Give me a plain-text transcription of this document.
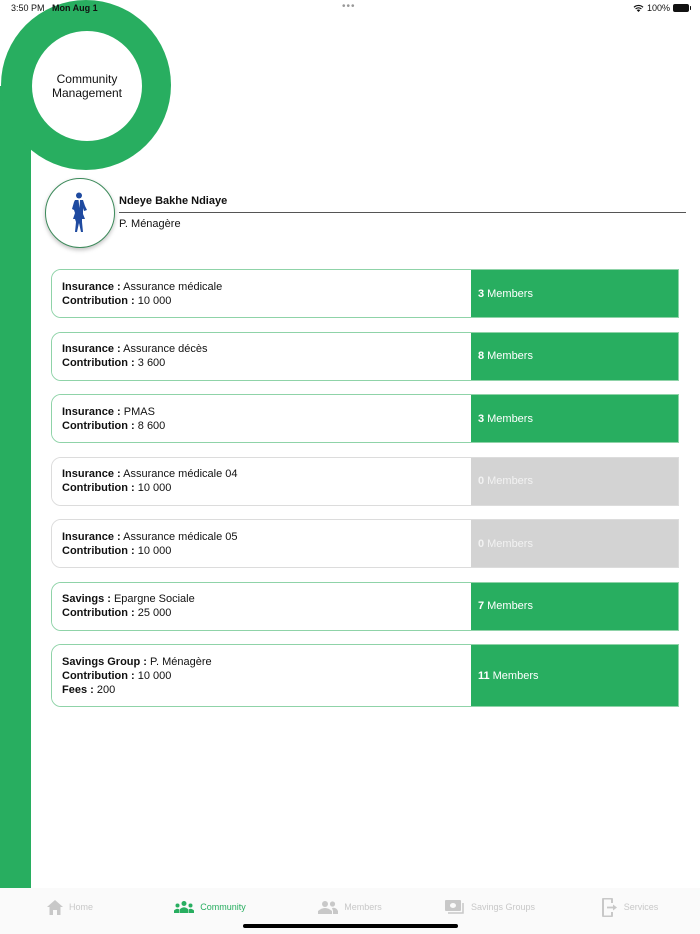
3:50 PM Mon Aug 1	•••	100%
Community
Management
Ndeye Bakhe Ndiaye
P. Ménagère
Insurance : Assurance médicale
Contribution : 10 000
3 Members
Insurance : Assurance décès
Contribution : 3 600
8 Members
Insurance : PMAS
Contribution : 8 600
3 Members
Insurance : Assurance médicale 04
Contribution : 10 000
0 Members
Insurance : Assurance médicale 05
Contribution : 10 000
0 Members
Savings : Epargne Sociale
Contribution : 25 000
7 Members
Savings Group : P. Ménagère
Contribution : 10 000
Fees : 200
11 Members
Home	Community	Members	Savings Groups	Services
